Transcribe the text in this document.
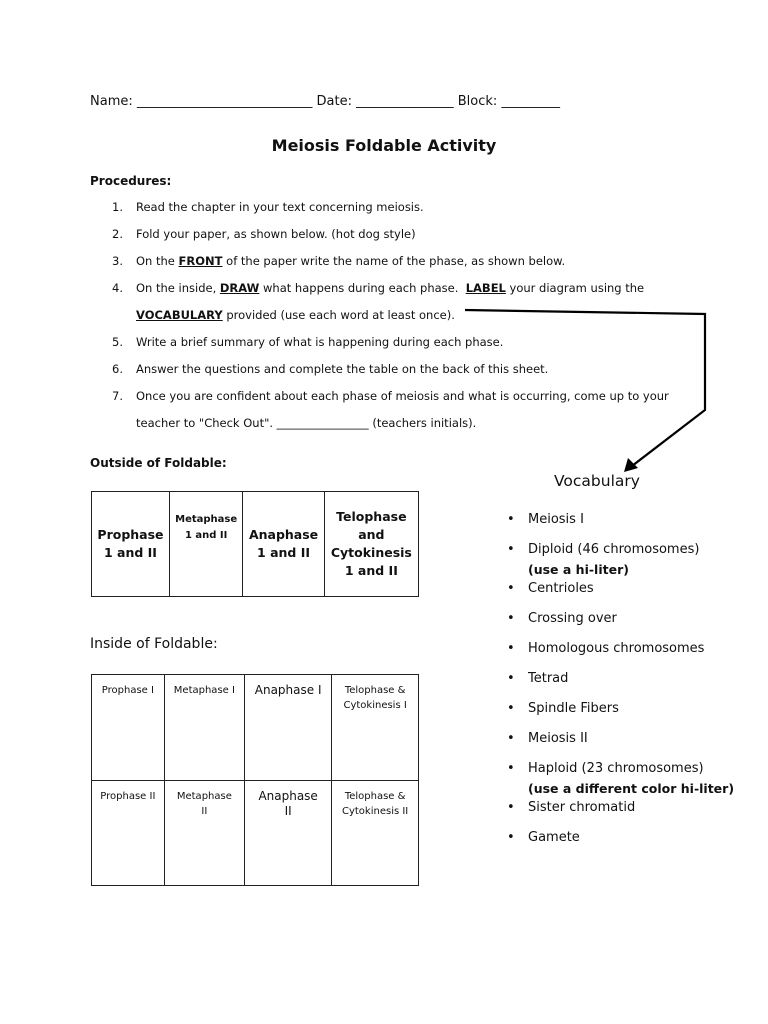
Name: ___________________________ Date: _______________ Block: _________
Meiosis Foldable Activity
Procedures:
1.	Read the chapter in your text concerning meiosis.
2.	Fold your paper, as shown below. (hot dog style)
3.	On the FRONT of the paper write the name of the phase, as shown below.
4.	On the inside, DRAW what happens during each phase.  LABEL your diagram using the
VOCABULARY provided (use each word at least once).
5.	Write a brief summary of what is happening during each phase.
6.	Answer the questions and complete the table on the back of this sheet.
7.	Once you are confident about each phase of meiosis and what is occurring, come up to your
teacher to "Check Out". ________________ (teachers initials).
Outside of Foldable:
Prophase
1 and II	Metaphase
1 and II	Anaphase
1 and II	Telophase
and
Cytokinesis
1 and II
Inside of Foldable:
Prophase I	Metaphase I	Anaphase I	Telophase &
Cytokinesis I
Prophase II	Metaphase
II	Anaphase
II	Telophase &
Cytokinesis II
Vocabulary
• Meiosis I
• Diploid (46 chromosomes)
(use a hi-liter)
• Centrioles
• Crossing over
• Homologous chromosomes
• Tetrad
• Spindle Fibers
• Meiosis II
• Haploid (23 chromosomes)
(use a different color hi-liter)
• Sister chromatid
• Gamete
